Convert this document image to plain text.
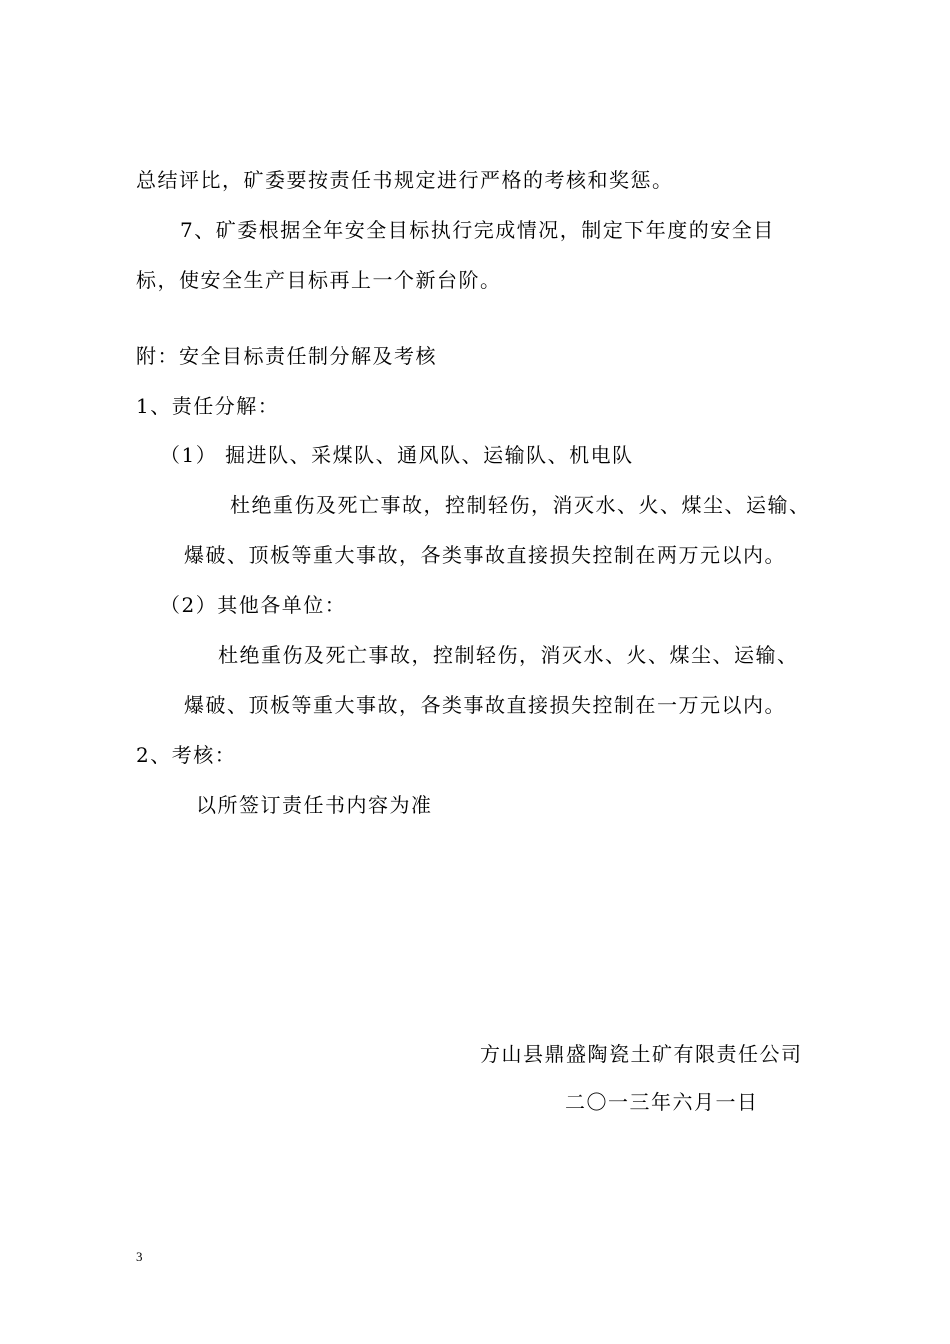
总结评比，矿委要按责任书规定进行严格的考核和奖惩。
7、矿委根据全年安全目标执行完成情况，制定下年度的安全目
标，使安全生产目标再上一个新台阶。
附：安全目标责任制分解及考核
1、责任分解：
（1） 掘进队、采煤队、通风队、运输队、机电队
杜绝重伤及死亡事故，控制轻伤，消灭水、火、煤尘、运输、
爆破、顶板等重大事故，各类事故直接损失控制在两万元以内。
（2）其他各单位：
杜绝重伤及死亡事故，控制轻伤，消灭水、火、煤尘、运输、
爆破、顶板等重大事故，各类事故直接损失控制在一万元以内。
2、考核：
以所签订责任书内容为准
方山县鼎盛陶瓷土矿有限责任公司
二〇一三年六月一日
3
